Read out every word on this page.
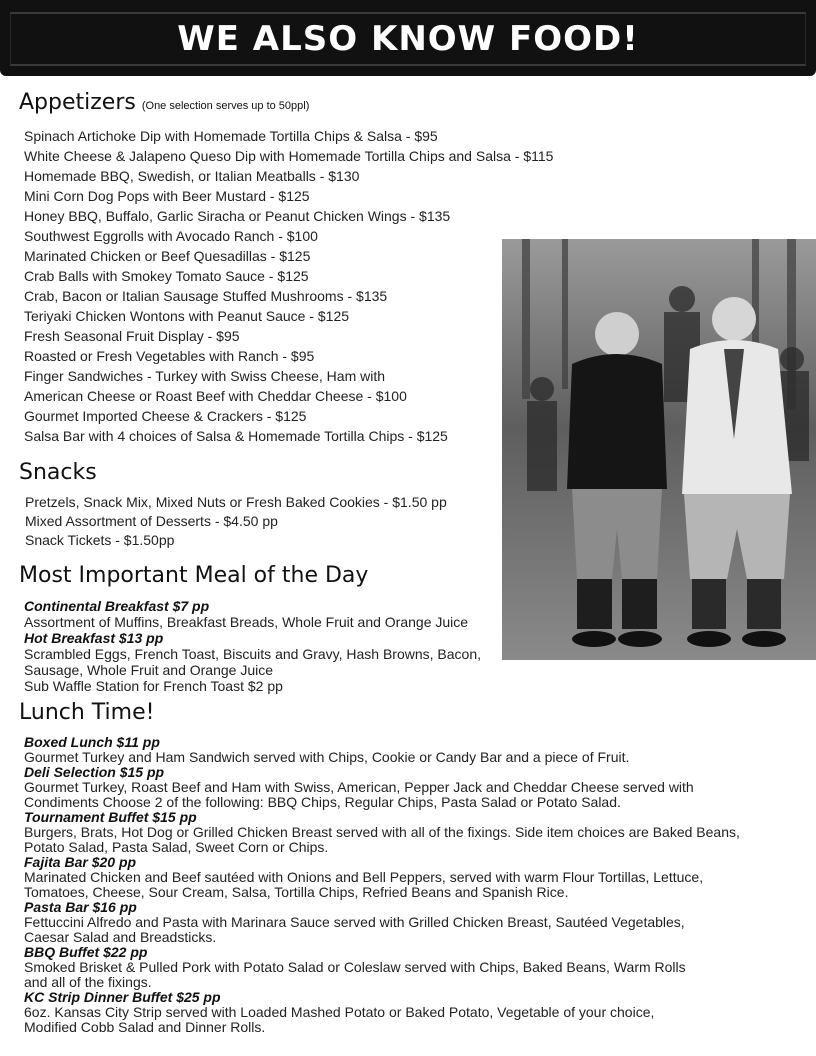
WE ALSO KNOW FOOD!
Appetizers (One selection serves up to 50ppl)
Spinach Artichoke Dip with Homemade Tortilla Chips & Salsa - $95
White Cheese & Jalapeno Queso Dip with Homemade Tortilla Chips and Salsa - $115
Homemade BBQ, Swedish, or Italian Meatballs - $130
Mini Corn Dog Pops with Beer Mustard - $125
Honey BBQ, Buffalo, Garlic Siracha or Peanut Chicken Wings - $135
Southwest Eggrolls with Avocado Ranch - $100
Marinated Chicken or Beef Quesadillas - $125
Crab Balls with Smokey Tomato Sauce - $125
Crab, Bacon or Italian Sausage Stuffed Mushrooms - $135
Teriyaki Chicken Wontons with Peanut Sauce - $125
Fresh Seasonal Fruit Display - $95
Roasted or Fresh Vegetables with Ranch - $95
Finger Sandwiches - Turkey with Swiss Cheese, Ham with
American Cheese or Roast Beef with Cheddar Cheese - $100
Gourmet Imported Cheese & Crackers - $125
Salsa Bar with 4 choices of Salsa & Homemade Tortilla Chips - $125
Snacks
Pretzels, Snack Mix, Mixed Nuts or Fresh Baked Cookies - $1.50 pp
Mixed Assortment of Desserts - $4.50 pp
Snack Tickets - $1.50pp
Most Important Meal of the Day
Continental Breakfast $7 pp
Assortment of Muffins, Breakfast Breads, Whole Fruit and Orange Juice
Hot Breakfast $13 pp
Scrambled Eggs, French Toast, Biscuits and Gravy, Hash Browns, Bacon,
Sausage, Whole Fruit and Orange Juice
Sub Waffle Station for French Toast $2 pp
Lunch Time!
Boxed Lunch $11 pp
Gourmet Turkey and Ham Sandwich served with Chips, Cookie or Candy Bar and a piece of Fruit.
Deli Selection $15 pp
Gourmet Turkey, Roast Beef and Ham with Swiss, American, Pepper Jack and Cheddar Cheese served with
Condiments Choose 2 of the following: BBQ Chips, Regular Chips, Pasta Salad or Potato Salad.
Tournament Buffet $15 pp
Burgers, Brats, Hot Dog or Grilled Chicken Breast served with all of the fixings. Side item choices are Baked Beans,
Potato Salad, Pasta Salad, Sweet Corn or Chips.
Fajita Bar $20 pp
Marinated Chicken and Beef sautéed with Onions and Bell Peppers, served with warm Flour Tortillas, Lettuce,
Tomatoes, Cheese, Sour Cream, Salsa, Tortilla Chips, Refried Beans and Spanish Rice.
Pasta Bar $16 pp
Fettuccini Alfredo and Pasta with Marinara Sauce served with Grilled Chicken Breast, Sautéed Vegetables,
Caesar Salad and Breadsticks.
BBQ Buffet $22 pp
Smoked Brisket & Pulled Pork with Potato Salad or Coleslaw served with Chips, Baked Beans, Warm Rolls
and all of the fixings.
KC Strip Dinner Buffet $25 pp
6oz. Kansas City Strip served with Loaded Mashed Potato or Baked Potato, Vegetable of your choice,
Modified Cobb Salad and Dinner Rolls.
